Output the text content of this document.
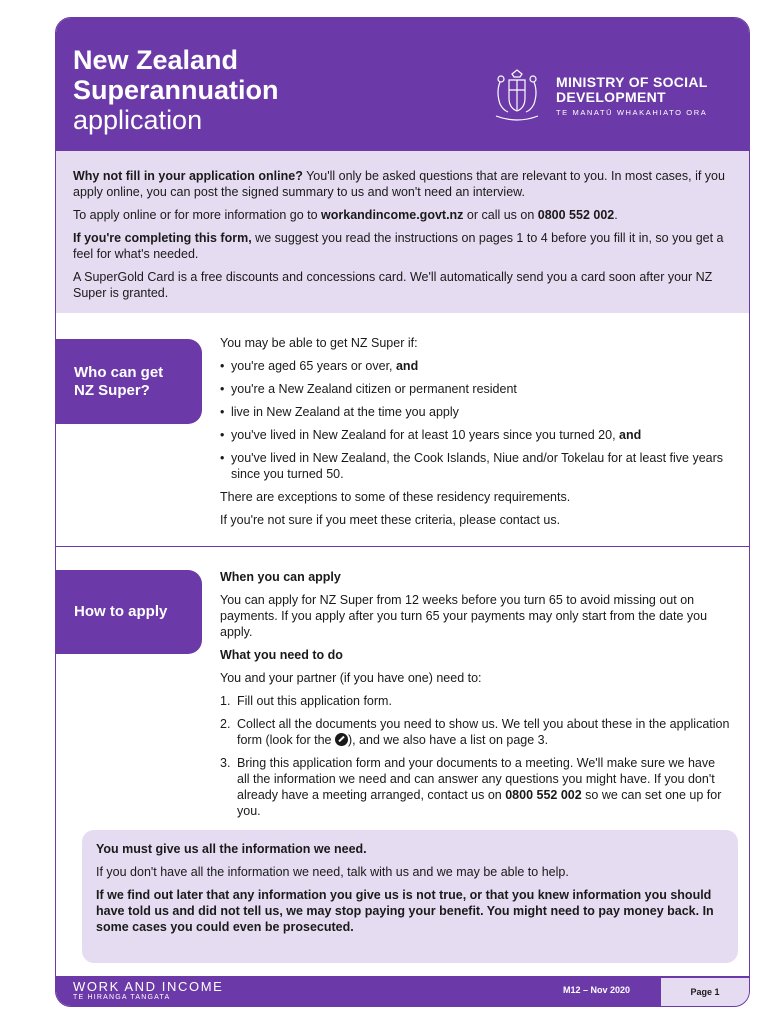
New Zealand
Superannuation
application
MINISTRY OF SOCIAL
DEVELOPMENT
TE MANATŪ WHAKAHIATO ORA

Why not fill in your application online? You'll only be asked questions that are relevant to you. In most cases, if you apply online, you can post the signed summary to us and won't need an interview.

To apply online or for more information go to workandincome.govt.nz or call us on 0800 552 002.

If you're completing this form, we suggest you read the instructions on pages 1 to 4 before you fill it in, so you get a feel for what's needed.

A SuperGold Card is a free discounts and concessions card. We'll automatically send you a card soon after your NZ Super is granted.

Who can get
NZ Super?

You may be able to get NZ Super if:

• you're aged 65 years or over, and
• you're a New Zealand citizen or permanent resident
• live in New Zealand at the time you apply
• you've lived in New Zealand for at least 10 years since you turned 20, and
• you've lived in New Zealand, the Cook Islands, Niue and/or Tokelau for at least five years since you turned 50.

There are exceptions to some of these residency requirements.

If you're not sure if you meet these criteria, please contact us.

How to apply
When you can apply

You can apply for NZ Super from 12 weeks before you turn 65 to avoid missing out on payments. If you apply after you turn 65 your payments may only start from the date you apply.

What you need to do

You and your partner (if you have one) need to:

1. Fill out this application form.
2. Collect all the documents you need to show us. We tell you about these in the application form (look for the ), and we also have a list on page 3.
3. Bring this application form and your documents to a meeting. We'll make sure we have all the information we need and can answer any questions you might have. If you don't already have a meeting arranged, contact us on 0800 552 002 so we can set one up for you.

You must give us all the information we need.

If you don't have all the information we need, talk with us and we may be able to help.

If we find out later that any information you give us is not true, or that you knew information you should have told us and did not tell us, we may stop paying your benefit. You might need to pay money back. In some cases you could even be prosecuted.

WORK AND INCOME
TE HIRANGA TANGATA
M12 – Nov 2020	Page 1
